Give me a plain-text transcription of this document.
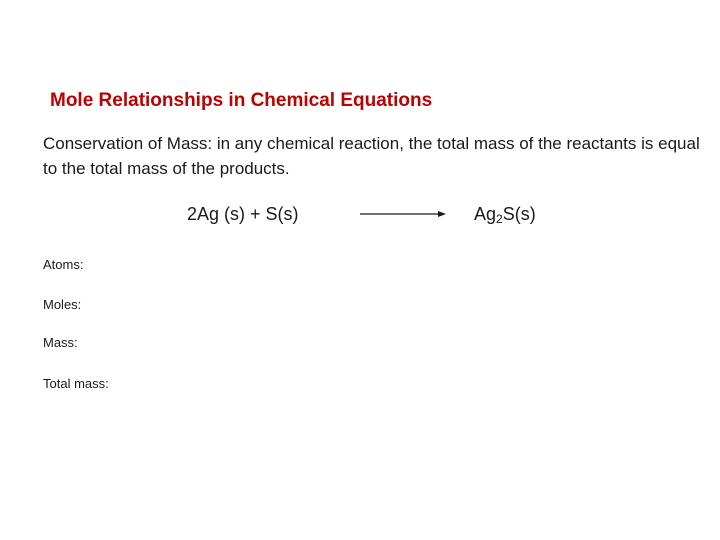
Mole Relationships in Chemical Equations
Conservation of Mass: in any chemical reaction, the total mass of the reactants is equal to the total mass of the products.
2Ag (s) + S(s)	$Ag_2S(s)$
Atoms:
Moles:
Mass:
Total mass:
